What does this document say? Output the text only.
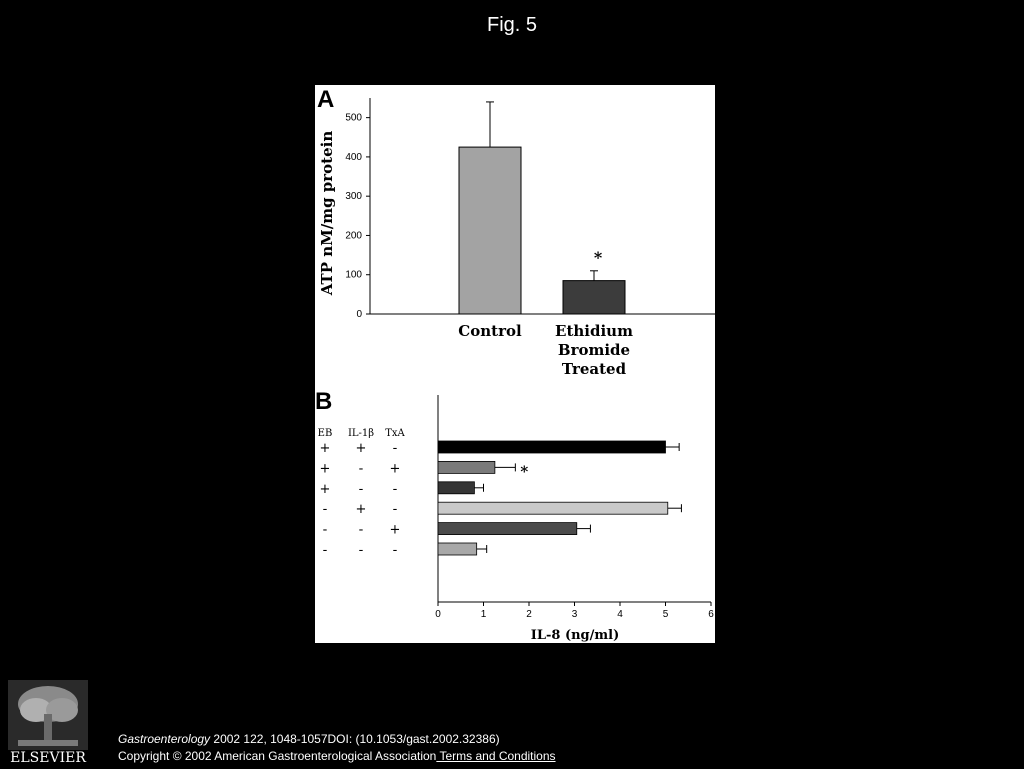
Fig. 5
A
ATP nM/mg protein
0
100
200
300
400
500
*
Control Ethidium
Bromide
Treated
B
EB IL-1β TxA
+ + -
+ - +
+ - -
- + -
- - +
- - -
0	1	2	3	4	5	6
*
IL-8 (ng/ml)
ELSEVIER
Gastroenterology 2002 122, 1048-1057DOI: (10.1053/gast.2002.32386)
Copyright © 2002 American Gastroenterological Association Terms and Conditions
